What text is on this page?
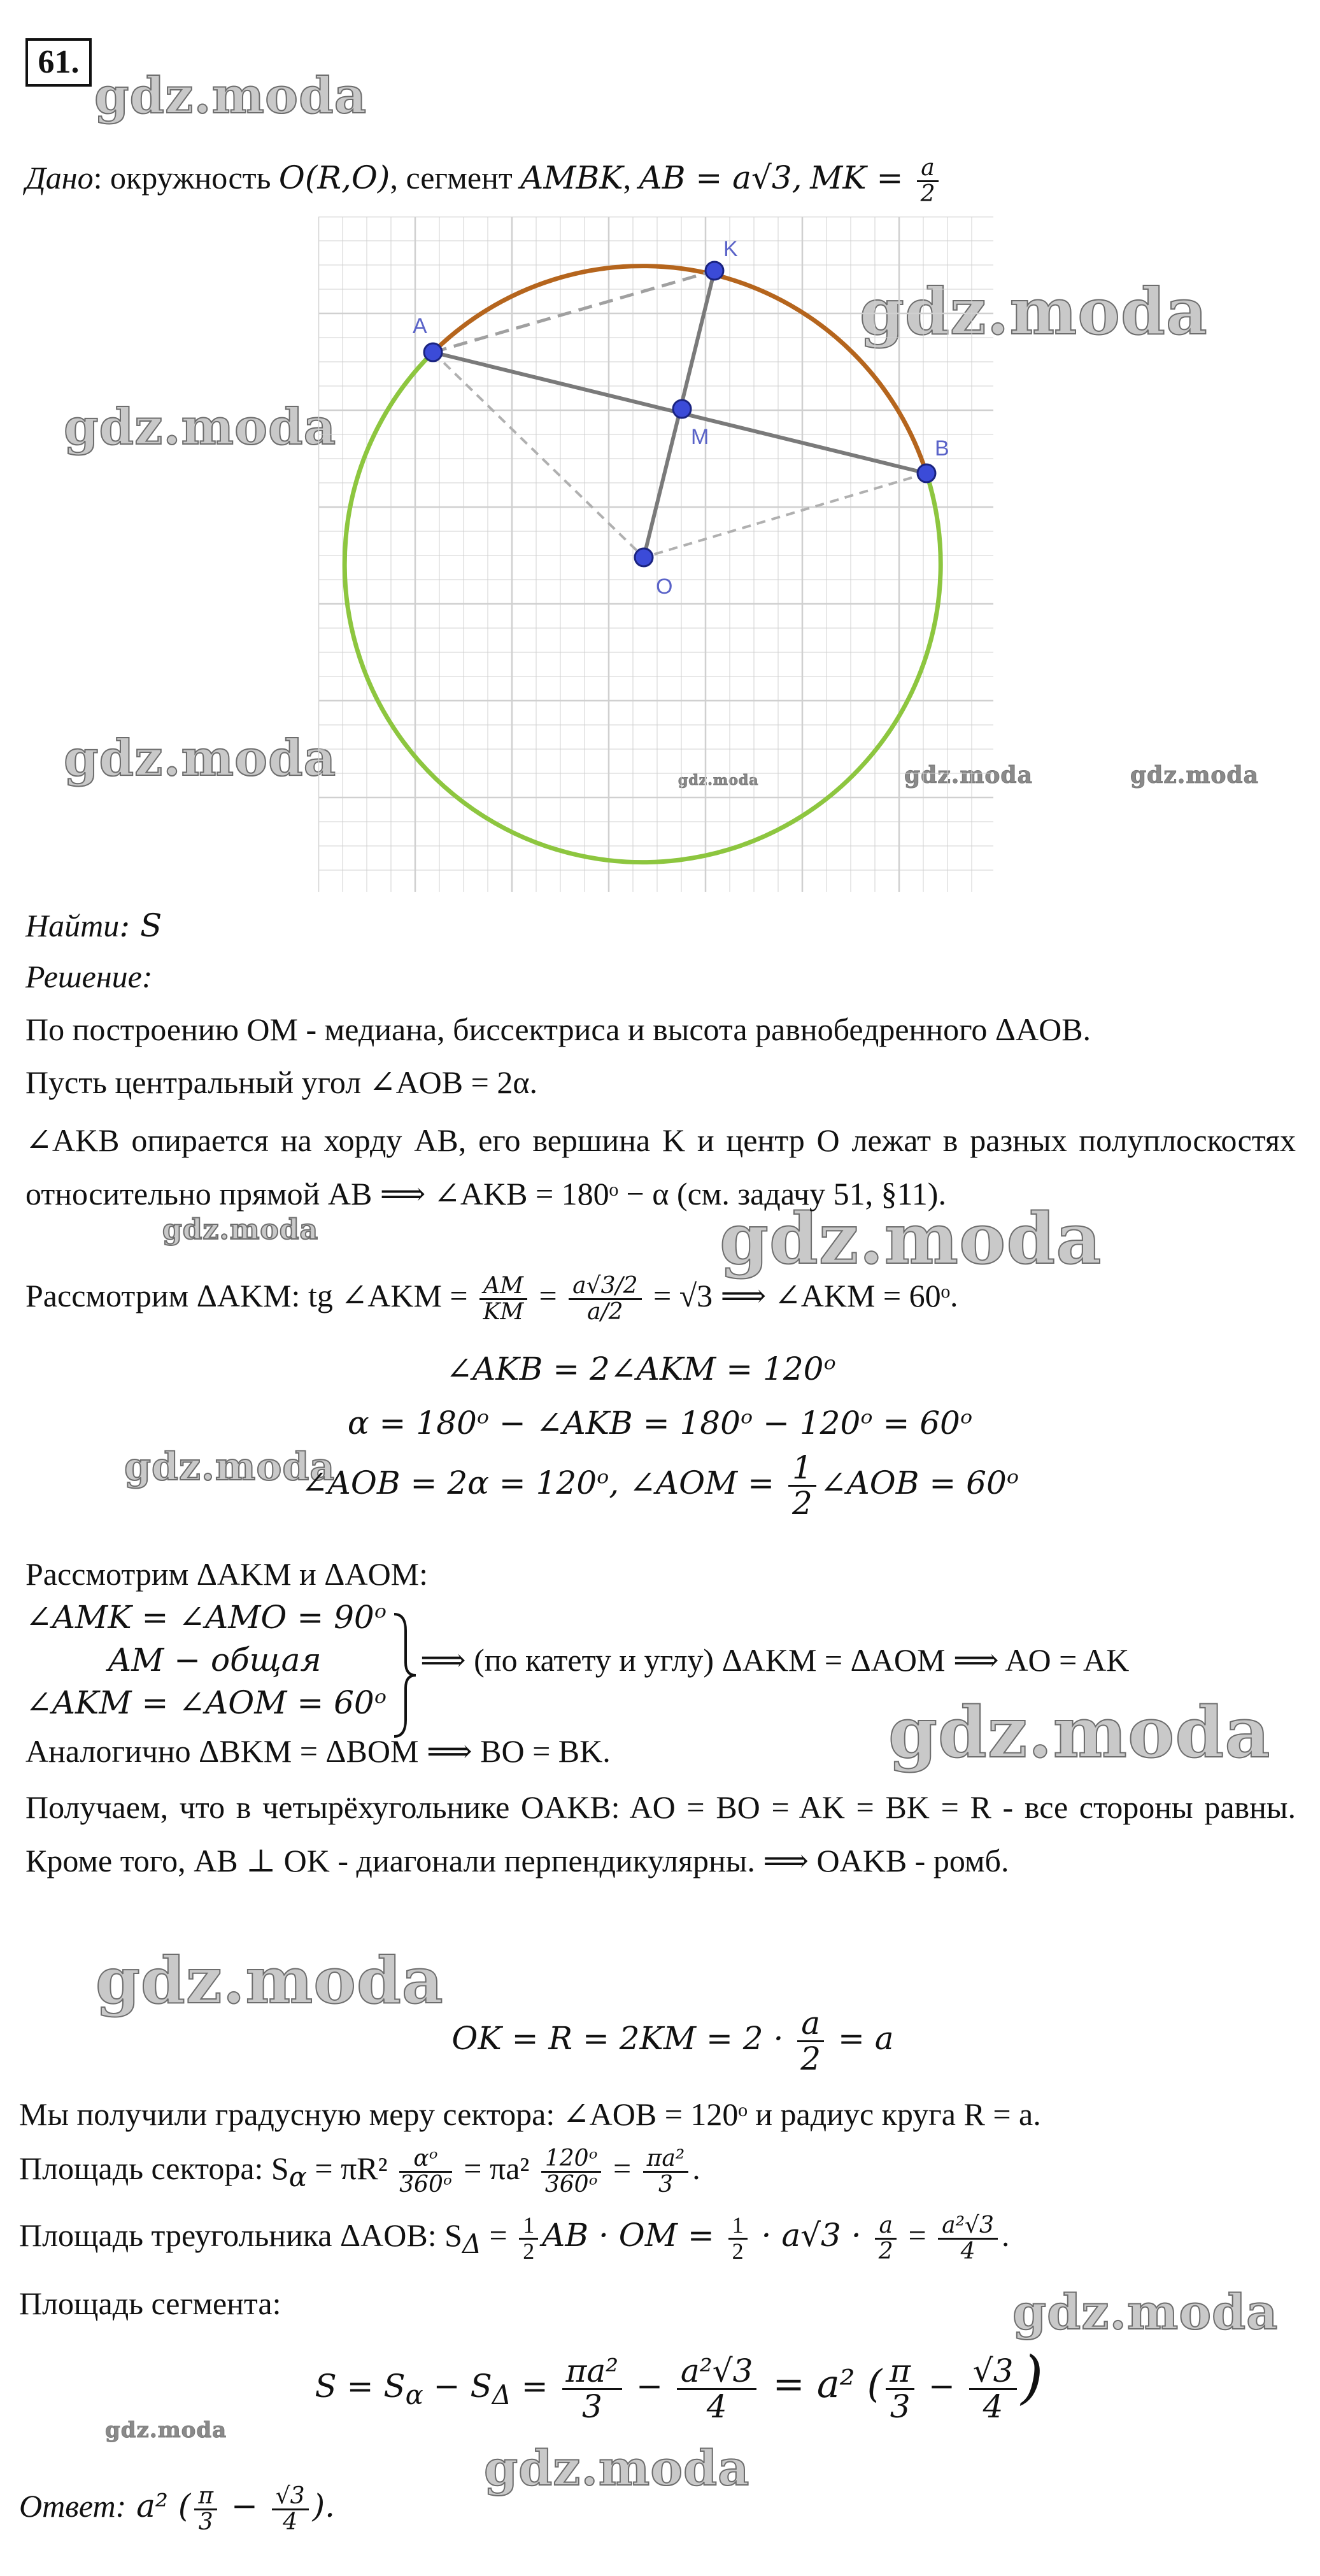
61.
gdz.moda
gdz.moda
gdz.moda
gdz.moda	gdz.moda	gdz.moda	gdz.moda
gdz.moda	gdz.moda
gdz.moda
gdz.moda
gdz.moda
gdz.moda
gdz.moda
gdz.moda
Дано: окружность O(R,O), сегмент AMBK, AB = a√3, MK = $\frac{a}{2}$
A
K
M	B
O
Найти: S
Решение:
По построению OM - медиана, биссектриса и высота равнобедренного ΔAOB.
Пусть центральный угол ∠AOB = 2α.
∠AKB опирается на хорду AB, его вершина K и центр O лежат в разных полуплоскостях относительно прямой AB ⟹ ∠AKB = 180ᵒ − α (см. задачу 51, §11).
Рассмотрим ΔAKM: tg ∠AKM = $\frac{AM}{KM} = \frac{a√3/2}{a/2} = √3$ ⟹ ∠AKM = 60ᵒ.
∠AKB = 2∠AKM = 120ᵒ
α = 180ᵒ − ∠AKB = 180ᵒ − 120ᵒ = 60ᵒ
∠AOB = 2α = 120ᵒ, ∠AOM = $\frac{1}{2}$ ∠AOB = 60ᵒ
Рассмотрим ΔAKM и ΔAOM:
∠AMK = ∠AMO = 90ᵒ
AM − общая
∠AKM = ∠AOM = 60ᵒ
⟹ (по катету и углу) ΔAKM = ΔAOM ⟹ AO = AK
Аналогично ΔBKM = ΔBOM ⟹ BO = BK.
Получаем, что в четырёхугольнике OAKB: AO = BO = AK = BK = R - все стороны равны. Кроме того, AB ⊥ OK - диагонали перпендикулярны. ⟹ OAKB - ромб.
OK = $R = 2KM = 2 \cdot \frac{a}{2} = a$
Мы получили градусную меру сектора: ∠AOB = 120ᵒ и радиус круга R = a.
Площадь сектора: $S_\alpha = \pi R^2 \frac{\text{αᵒ}}{\text{360ᵒ}} = \pi a^2 \frac{\text{120ᵒ}}{\text{360ᵒ}} = \frac{\text{πa²}}{3}$ .
Площадь треугольника ΔAOB: $S_\Delta = \frac{1}{2}$ AB · OM = $\frac{1}{2} \cdot a√3 \cdot \frac{a}{2} = \frac{\text{a²√3}}{4}$ .
Площадь сегмента:
$S = S_\alpha - S_\Delta = \frac{\text{πa²}}{3} - \frac{\text{a²√3}}{4} = a^2$ ( $\frac{\pi}{3} - \frac{√3}{4}$ )
Ответ: a² ( $\frac{\pi}{3} - \frac{√3}{4}$ ).
